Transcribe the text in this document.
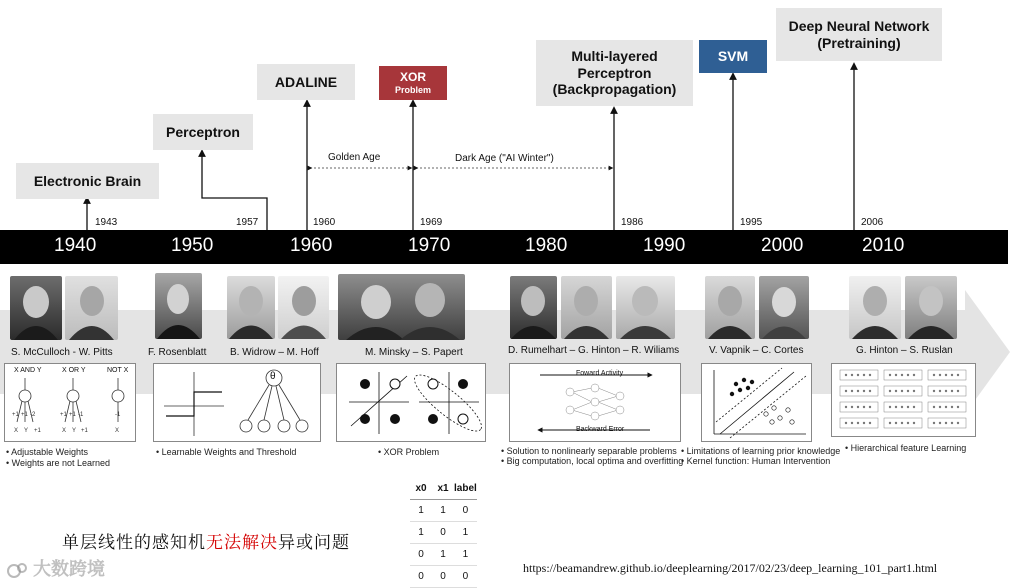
Electronic Brain
Perceptron
ADALINE	XOR
Problem
Multi-layered
Perceptron
(Backpropagation)
SVM
Deep Neural Network
(Pretraining)
1943	1957	1960	1969	1986	1995	2006
Golden Age	Dark Age ("AI Winter")
1940	1950	1960	1970	1980	1990	2000	2010
S. McCulloch - W. Pitts	F. Rosenblatt B. Widrow – M. Hoff	M. Minsky – S. Papert	D. Rumelhart – G. Hinton – R. Wiliams	V. Vapnik – C. Cortes	G. Hinton – S. Ruslan
X AND Y	X OR Y	NOT X
+1 +1 -2	+1 +1 -1	-1
X Y +1	X Y +1	X
• Adjustable Weights
• Weights are not Learned
θ
• Learnable Weights and Threshold	• XOR Problem
x0	x1	label
1	1	0
1	0	1
0	1	1
0	0	0
Foward Activity
Backward Error
• Solution to nonlinearly separable problems
• Big computation, local optima and overfitting
• Limitations of learning prior knowledge
• Kernel function: Human Intervention
• Hierarchical feature Learning
单层线性的感知机无法解决异或问题
https://beamandrew.github.io/deeplearning/2017/02/23/deep_learning_101_part1.html
大数跨境
